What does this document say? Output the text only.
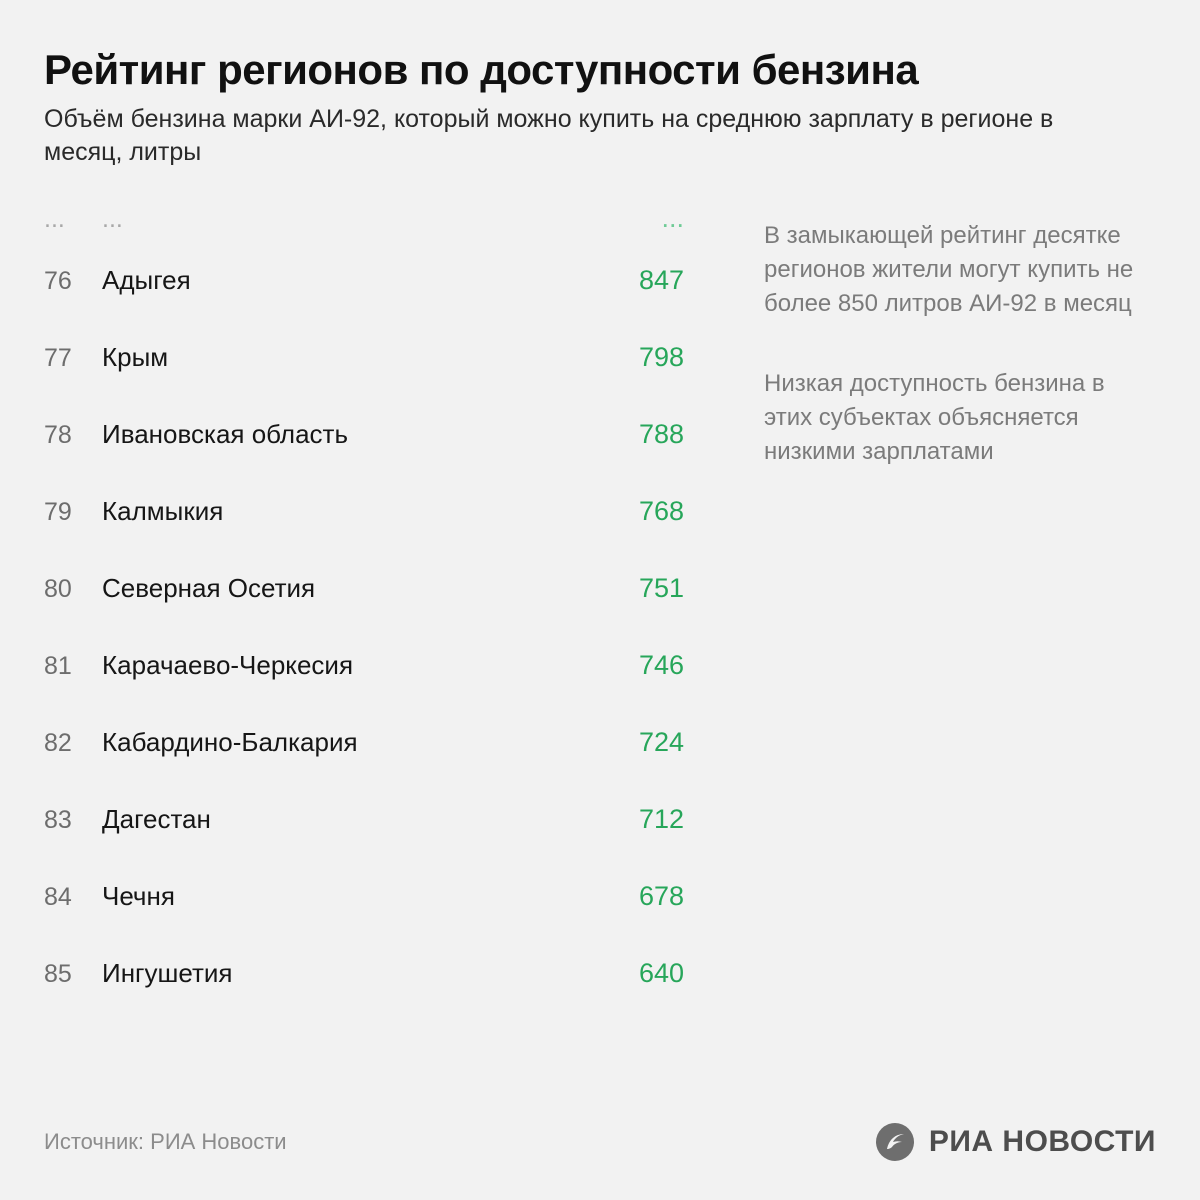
Рейтинг регионов по доступности бензина
Объём бензина марки АИ-92, который можно купить на среднюю зарплату в регионе в месяц, литры
...	...	...
76	Адыгея	847
77	Крым	798
78	Ивановская область	788
79	Калмыкия	768
80	Северная Осетия	751
81	Карачаево-Черкесия	746
82	Кабардино-Балкария	724
83	Дагестан	712
84	Чечня	678
85	Ингушетия	640
В замыкающей рейтинг десятке регионов жители могут купить не более 850 литров АИ-92 в месяц
Низкая доступность бензина в этих субъектах объясняется низкими зарплатами
Источник: РИА Новости	РИА НОВОСТИ
